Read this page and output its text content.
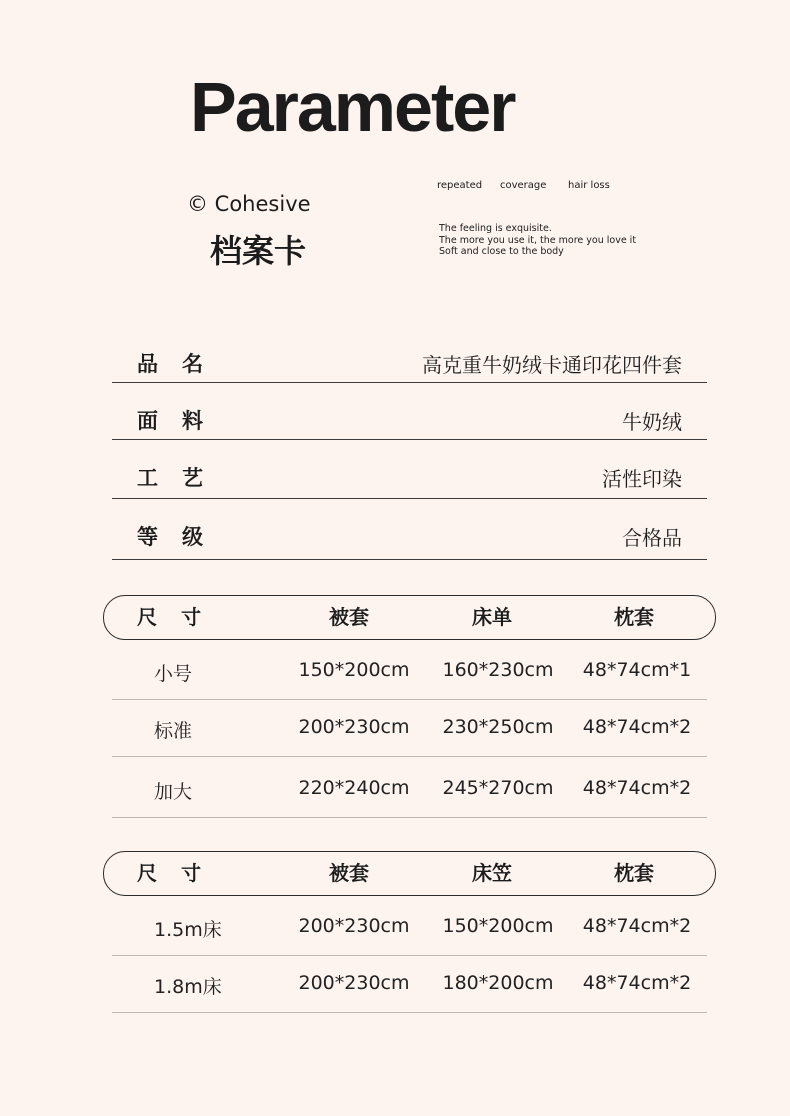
Parameter
© Cohesive
档案卡
repeated coverage hair loss
The feeling is exquisite.
The more you use it, the more you love it
Soft and close to the body
品名	高克重牛奶绒卡通印花四件套
面料	牛奶绒
工艺	活性印染
等级	合格品
尺寸	被套	床单	枕套
小号	150*200cm 160*230cm 48*74cm*1
标准	200*230cm 230*250cm 48*74cm*2
加大	220*240cm 245*270cm 48*74cm*2
尺寸	被套	床笠	枕套
1.5m床	200*230cm 150*200cm 48*74cm*2
1.8m床	200*230cm 180*200cm 48*74cm*2
